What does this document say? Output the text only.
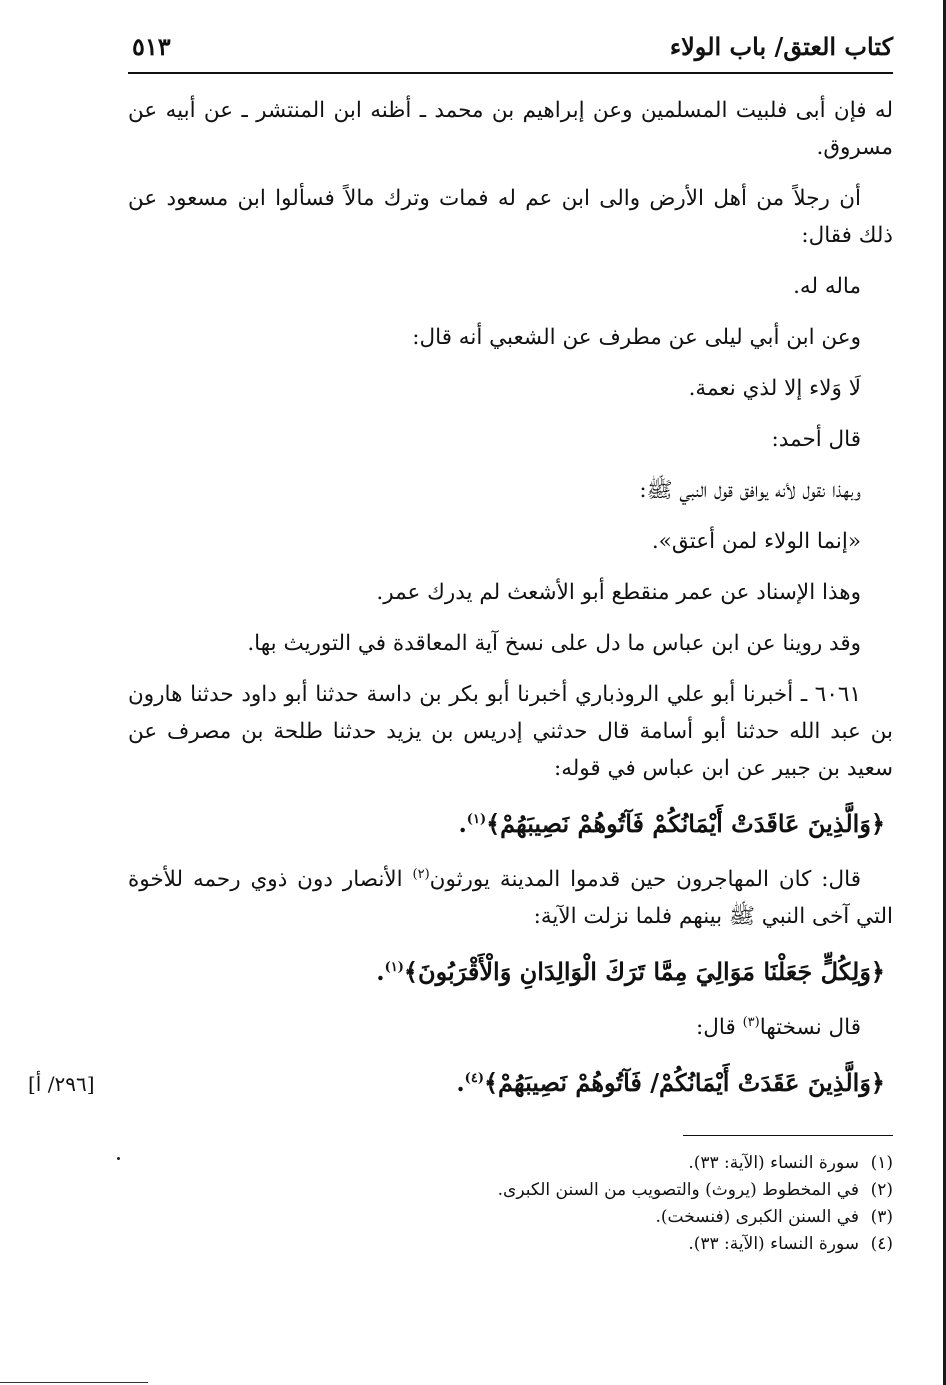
كتاب العتق/ باب الولاء
٥١٣

له فإن أبى فلبيت المسلمين وعن إبراهيم بن محمد ـ أظنه ابن المنتشر ـ عن أبيه عن مسروق.

أن رجلاً من أهل الأرض والى ابن عم له فمات وترك مالاً فسألوا ابن مسعود عن ذلك فقال:

ماله له.

وعن ابن أبي ليلى عن مطرف عن الشعبي أنه قال:

لَا وَلاء إلا لذي نعمة.

قال أحمد:

وبهذا نقول لأنه يوافق قول النبي ﷺ:

«إنما الولاء لمن أعتق».

وهذا الإسناد عن عمر منقطع أبو الأشعث لم يدرك عمر.

وقد روينا عن ابن عباس ما دل على نسخ آية المعاقدة في التوريث بها.

٦٠٦١ ـ أخبرنا أبو علي الروذباري أخبرنا أبو بكر بن داسة حدثنا أبو داود حدثنا هارون بن عبد الله حدثنا أبو أسامة قال حدثني إدريس بن يزيد حدثنا طلحة بن مصرف عن سعيد بن جبير عن ابن عباس في قوله:

﴿وَالَّذِينَ عَاقَدَتْ أَيْمَانُكُمْ فَآتُوهُمْ نَصِيبَهُمْ﴾$^{(١)}$.

قال: كان المهاجرون حين قدموا المدينة يورثون$^{(٢)}$ الأنصار دون ذوي رحمه للأخوة التي آخى النبي ﷺ بينهم فلما نزلت الآية:

﴿وَلِكُلٍّ جَعَلْنَا مَوَالِيَ مِمَّا تَرَكَ الْوَالِدَانِ وَالْأَقْرَبُونَ﴾$^{(١)}$.

قال نسختها$^{(٣)}$ قال:

﴿وَالَّذِينَ عَقَدَتْ أَيْمَانُكُمْ/ فَآتُوهُمْ نَصِيبَهُمْ﴾$^{(٤)}$.

[٢٩٦/ أ]

(١)سورة النساء (الآية: ٣٣).

(٢)في المخطوط (يروث) والتصويب من السنن الكبرى.

(٣)في السنن الكبرى (فنسخت).

(٤)سورة النساء (الآية: ٣٣).
